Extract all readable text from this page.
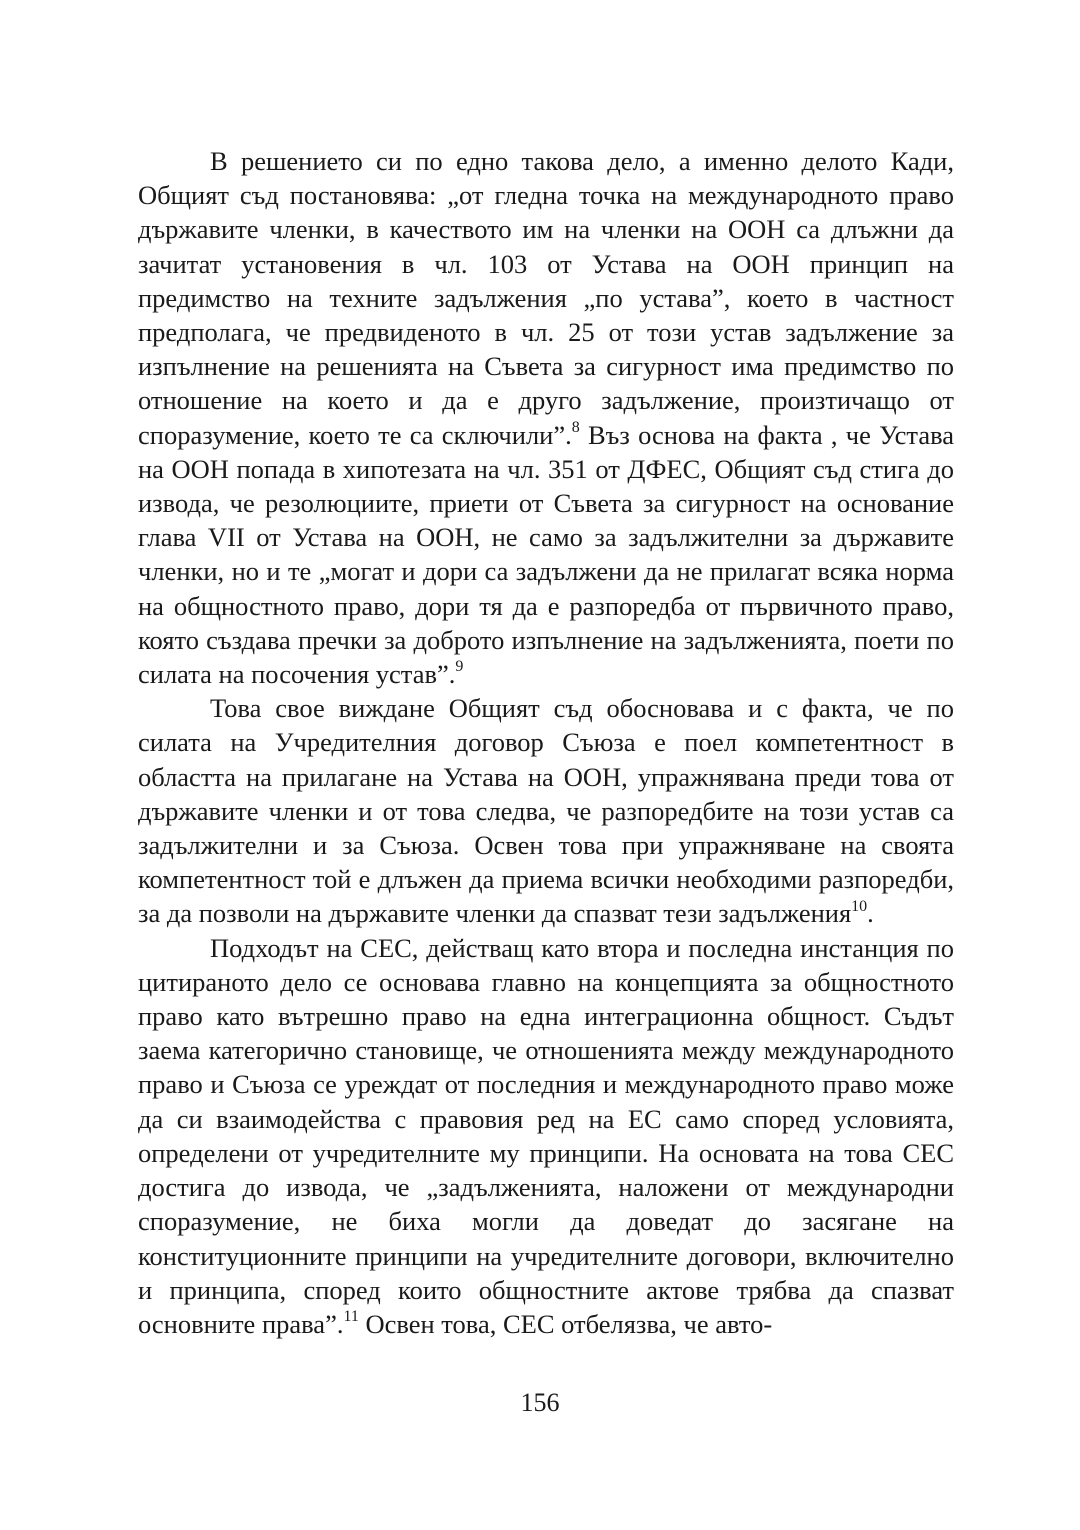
В решението си по едно такова дело, а именно делото Кади, Общият съд постановява: „от гледна точка на международното право държавите членки, в качеството им на членки на ООН са длъжни да зачитат установения в чл. 103 от Устава на ООН принцип на предимство на техните задължения „по устава”, което в частност предполага, че предвиденото в чл. 25 от този устав задължение за изпълнение на решенията на Съвета за сигурност има предимство по отношение на което и да е друго задължение, произтичащо от споразумение, което те са сключили”.$^8$ Въз основа на факта , че Устава на ООН попада в хипотезата на чл. 351 от ДФЕС, Общият съд стига до извода, че резолюциите, приети от Съвета за сигурност на основание глава VII от Устава на ООН, не само за задължителни за държавите членки, но и те „могат и дори са задължени да не прилагат всяка норма на общностното право, дори тя да е разпоредба от първичното право, която създава пречки за доброто изпълнение на задълженията, поети по силата на посочения устав”.$^9$

Това свое виждане Общият съд обосновава и с факта, че по силата на Учредителния договор Съюза е поел компетентност в областта на прилагане на Устава на ООН, упражнявана преди това от държавите членки и от това следва, че разпоредбите на този устав са задължителни и за Съюза. Освен това при упражняване на своята компетентност той е длъжен да приема всички необходими разпоредби, за да позволи на държавите членки да спазват тези задължения$^{10}$.

Подходът на СЕС, действащ като втора и последна инстанция по цитираното дело се основава главно на концепцията за общностното право като вътрешно право на една интеграционна общност. Съдът заема категорично становище, че отношенията между международното право и Съюза се уреждат от последния и международното право може да си взаимодейства с правовия ред на ЕС само според условията, определени от учредителните му принципи. На основата на това СЕС достига до извода, че „задълженията, наложени от международни споразумение, не биха могли да доведат до засягане на конституционните принципи на учредителните договори, включително и принципа, според които общностните актове трябва да спазват основните права”.$^{11}$ Освен това, СЕС отбелязва, че авто-

156
